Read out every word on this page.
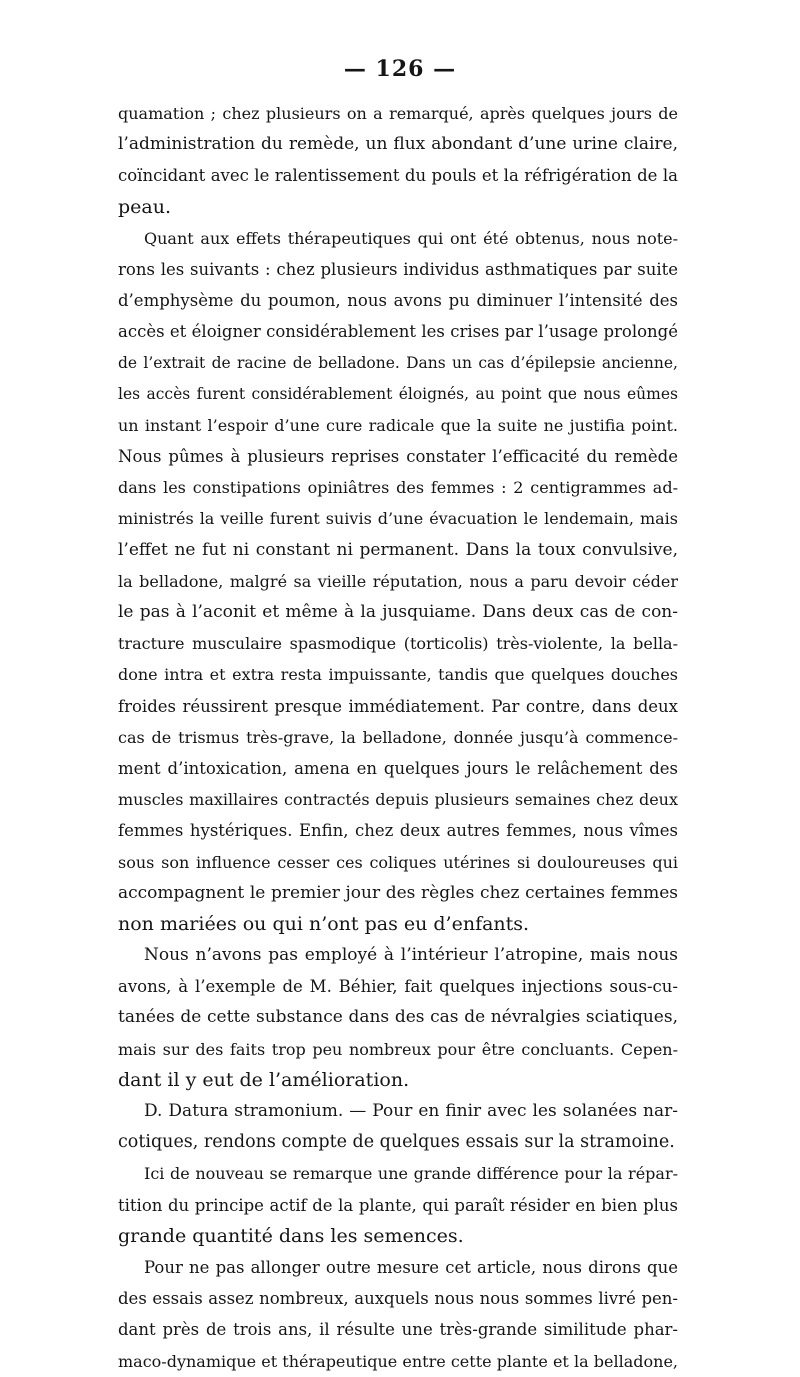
— 126 —
quamation ; chez plusieurs on a remarqué, après quelques jours de
l’administration du remède, un flux abondant d’une urine claire,
coïncidant avec le ralentissement du pouls et la réfrigération de la
peau.
Quant aux effets thérapeutiques qui ont été obtenus, nous note-
rons les suivants : chez plusieurs individus asthmatiques par suite
d’emphysème du poumon, nous avons pu diminuer l’intensité des
accès et éloigner considérablement les crises par l’usage prolongé
de l’extrait de racine de belladone. Dans un cas d’épilepsie ancienne,
les accès furent considérablement éloignés, au point que nous eûmes
un instant l’espoir d’une cure radicale que la suite ne justifia point.
Nous pûmes à plusieurs reprises constater l’efficacité du remède
dans les constipations opiniâtres des femmes : 2 centigrammes ad-
ministrés la veille furent suivis d’une évacuation le lendemain, mais
l’effet ne fut ni constant ni permanent. Dans la toux convulsive,
la belladone, malgré sa vieille réputation, nous a paru devoir céder
le pas à l’aconit et même à la jusquiame. Dans deux cas de con-
tracture musculaire spasmodique (torticolis) très-violente, la bella-
done intra et extra resta impuissante, tandis que quelques douches
froides réussirent presque immédiatement. Par contre, dans deux
cas de trismus très-grave, la belladone, donnée jusqu’à commence-
ment d’intoxication, amena en quelques jours le relâchement des
muscles maxillaires contractés depuis plusieurs semaines chez deux
femmes hystériques. Enfin, chez deux autres femmes, nous vîmes
sous son influence cesser ces coliques utérines si douloureuses qui
accompagnent le premier jour des règles chez certaines femmes
non mariées ou qui n’ont pas eu d’enfants.
Nous n’avons pas employé à l’intérieur l’atropine, mais nous
avons, à l’exemple de M. Béhier, fait quelques injections sous-cu-
tanées de cette substance dans des cas de névralgies sciatiques,
mais sur des faits trop peu nombreux pour être concluants. Cepen-
dant il y eut de l’amélioration.
D. Datura stramonium. — Pour en finir avec les solanées nar-
cotiques, rendons compte de quelques essais sur la stramoine.
Ici de nouveau se remarque une grande différence pour la répar-
tition du principe actif de la plante, qui paraît résider en bien plus
grande quantité dans les semences.
Pour ne pas allonger outre mesure cet article, nous dirons que
des essais assez nombreux, auxquels nous nous sommes livré pen-
dant près de trois ans, il résulte une très-grande similitude phar-
maco-dynamique et thérapeutique entre cette plante et la belladone,
